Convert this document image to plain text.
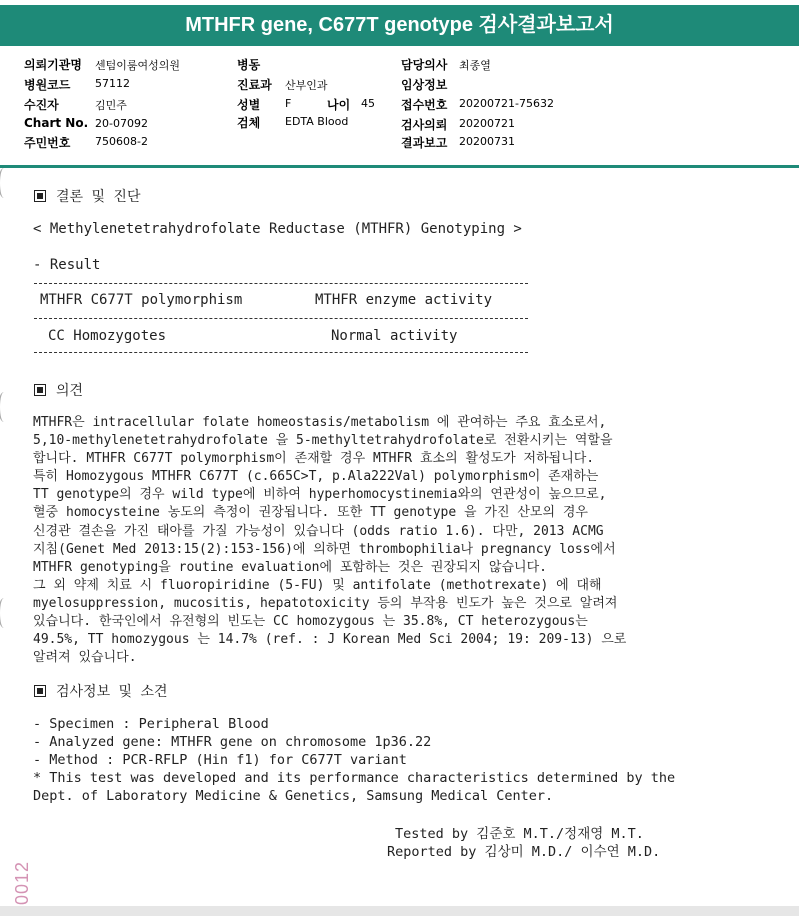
MTHFR gene, C677T genotype 검사결과보고서
의뢰기관명 센텀이룸여성의원
병원코드 57112
수진자	김민주
Chart No. 20-07092
주민번호 750608-2
병동
진료과 산부인과
성별 F	나이 45
검체 EDTA Blood
담당의사 최종열
임상정보
접수번호 20200721-75632
검사의뢰 20200721
결과보고 20200731
결론 및 진단
< Methylenetetrahydrofolate Reductase (MTHFR) Genotyping >
- Result
MTHFR C677T polymorphism	MTHFR enzyme activity
CC Homozygotes	Normal activity
의견
MTHFR은 intracellular folate homeostasis/metabolism 에 관여하는 주요 효소로서,
5,10-methylenetetrahydrofolate 을 5-methyltetrahydrofolate로 전환시키는 역할을
합니다. MTHFR C677T polymorphism이 존재할 경우 MTHFR 효소의 활성도가 저하됩니다.
특히 Homozygous MTHFR C677T (c.665C>T, p.Ala222Val) polymorphism이 존재하는
TT genotype의 경우 wild type에 비하여 hyperhomocystinemia와의 연관성이 높으므로,
혈중 homocysteine 농도의 측정이 권장됩니다. 또한 TT genotype 을 가진 산모의 경우
신경관 결손을 가진 태아를 가질 가능성이 있습니다 (odds ratio 1.6). 다만, 2013 ACMG
지침(Genet Med 2013:15(2):153-156)에 의하면 thrombophilia나 pregnancy loss에서
MTHFR genotyping을 routine evaluation에 포함하는 것은 권장되지 않습니다.
그 외 약제 치료 시 fluoropiridine (5-FU) 및 antifolate (methotrexate) 에 대해
myelosuppression, mucositis, hepatotoxicity 등의 부작용 빈도가 높은 것으로 알려져
있습니다. 한국인에서 유전형의 빈도는 CC homozygous 는 35.8%, CT heterozygous는
49.5%, TT homozygous 는 14.7% (ref. : J Korean Med Sci 2004; 19: 209-13) 으로
알려져 있습니다.
검사정보 및 소견
- Specimen : Peripheral Blood
- Analyzed gene: MTHFR gene on chromosome 1p36.22
- Method : PCR-RFLP (Hin f1) for C677T variant
* This test was developed and its performance characteristics determined by the
Dept. of Laboratory Medicine & Genetics, Samsung Medical Center.
Tested by 김준호 M.T./정재영 M.T.
Reported by 김상미 M.D./ 이수연 M.D.
0012
